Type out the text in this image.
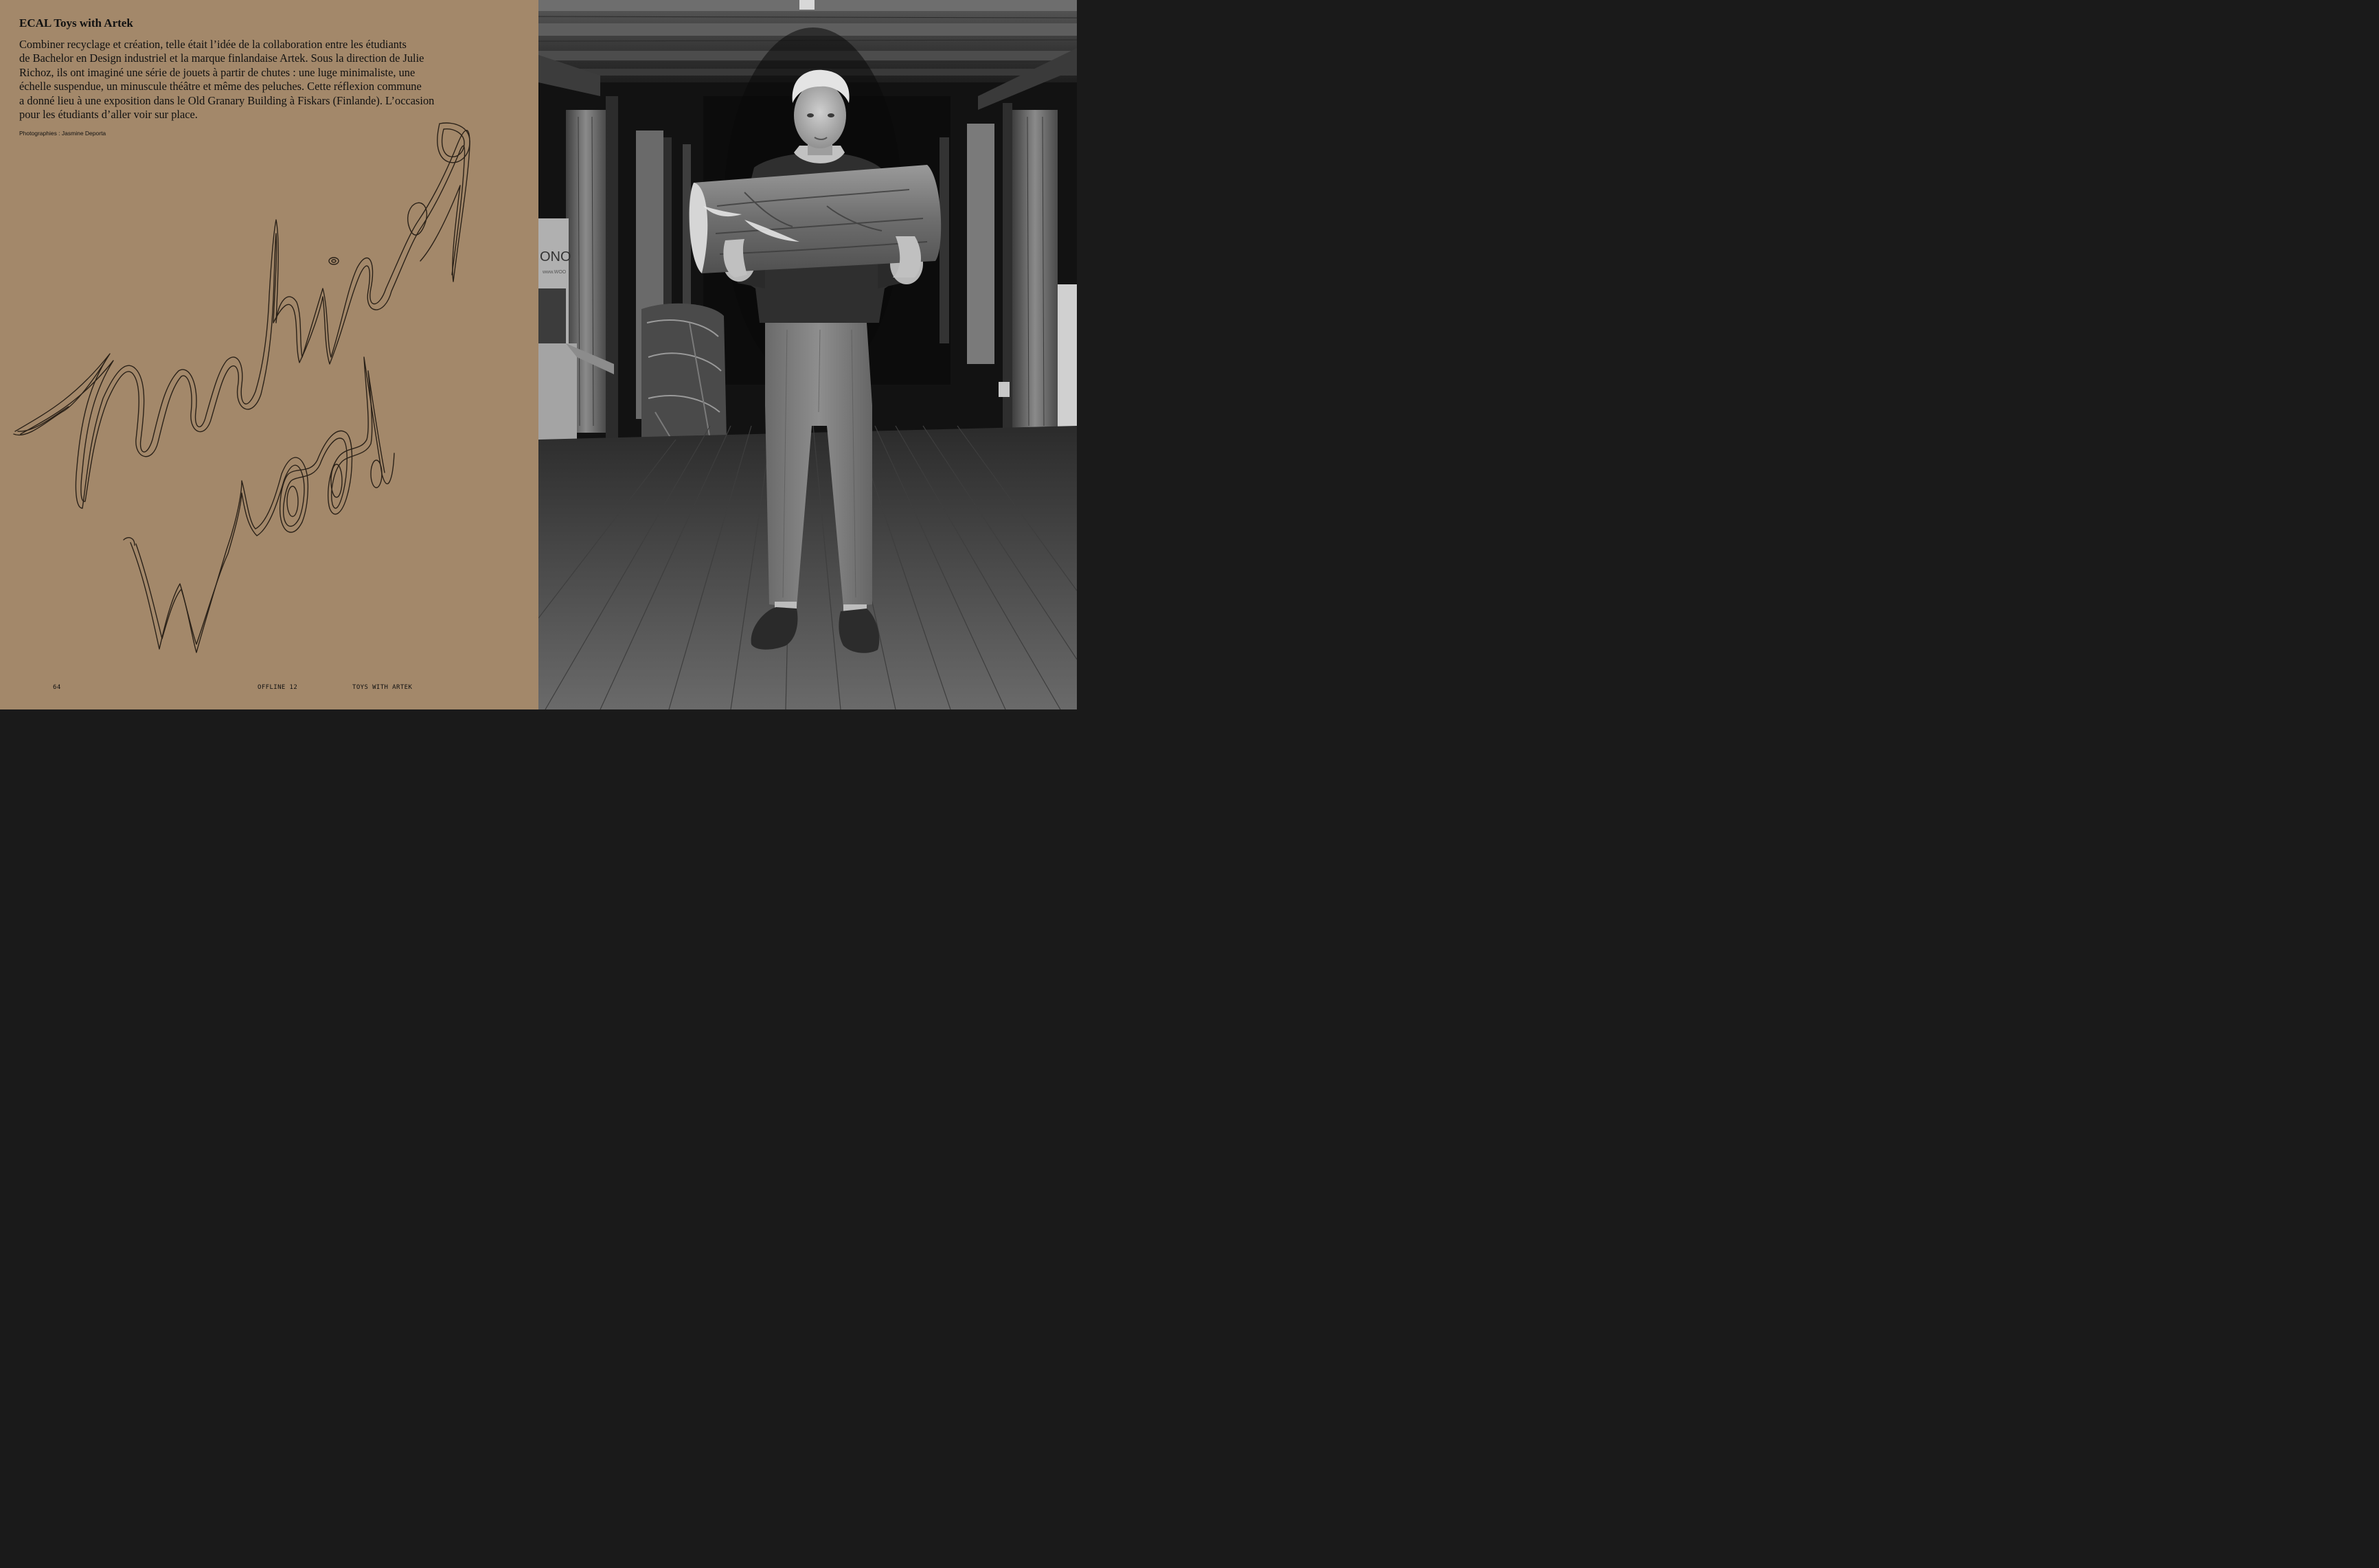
ECAL Toys with Artek

Combiner recyclage et création, telle était l’idée de la collaboration entre les étudiants
de Bachelor en Design industriel et la marque finlandaise Artek. Sous la direction de Julie
Richoz, ils ont imaginé une série de jouets à partir de chutes : une luge minimaliste, une
échelle suspendue, un minuscule théâtre et même des peluches. Cette réflexion commune
a donné lieu à une exposition dans le Old Granary Building à Fiskars (Finlande). L’occasion
pour les étudiants d’aller voir sur place.

Photographies : Jasmine Deporta
64	OFFLINE 12	TOYS WITH ARTEK
ONO
www.WOO
